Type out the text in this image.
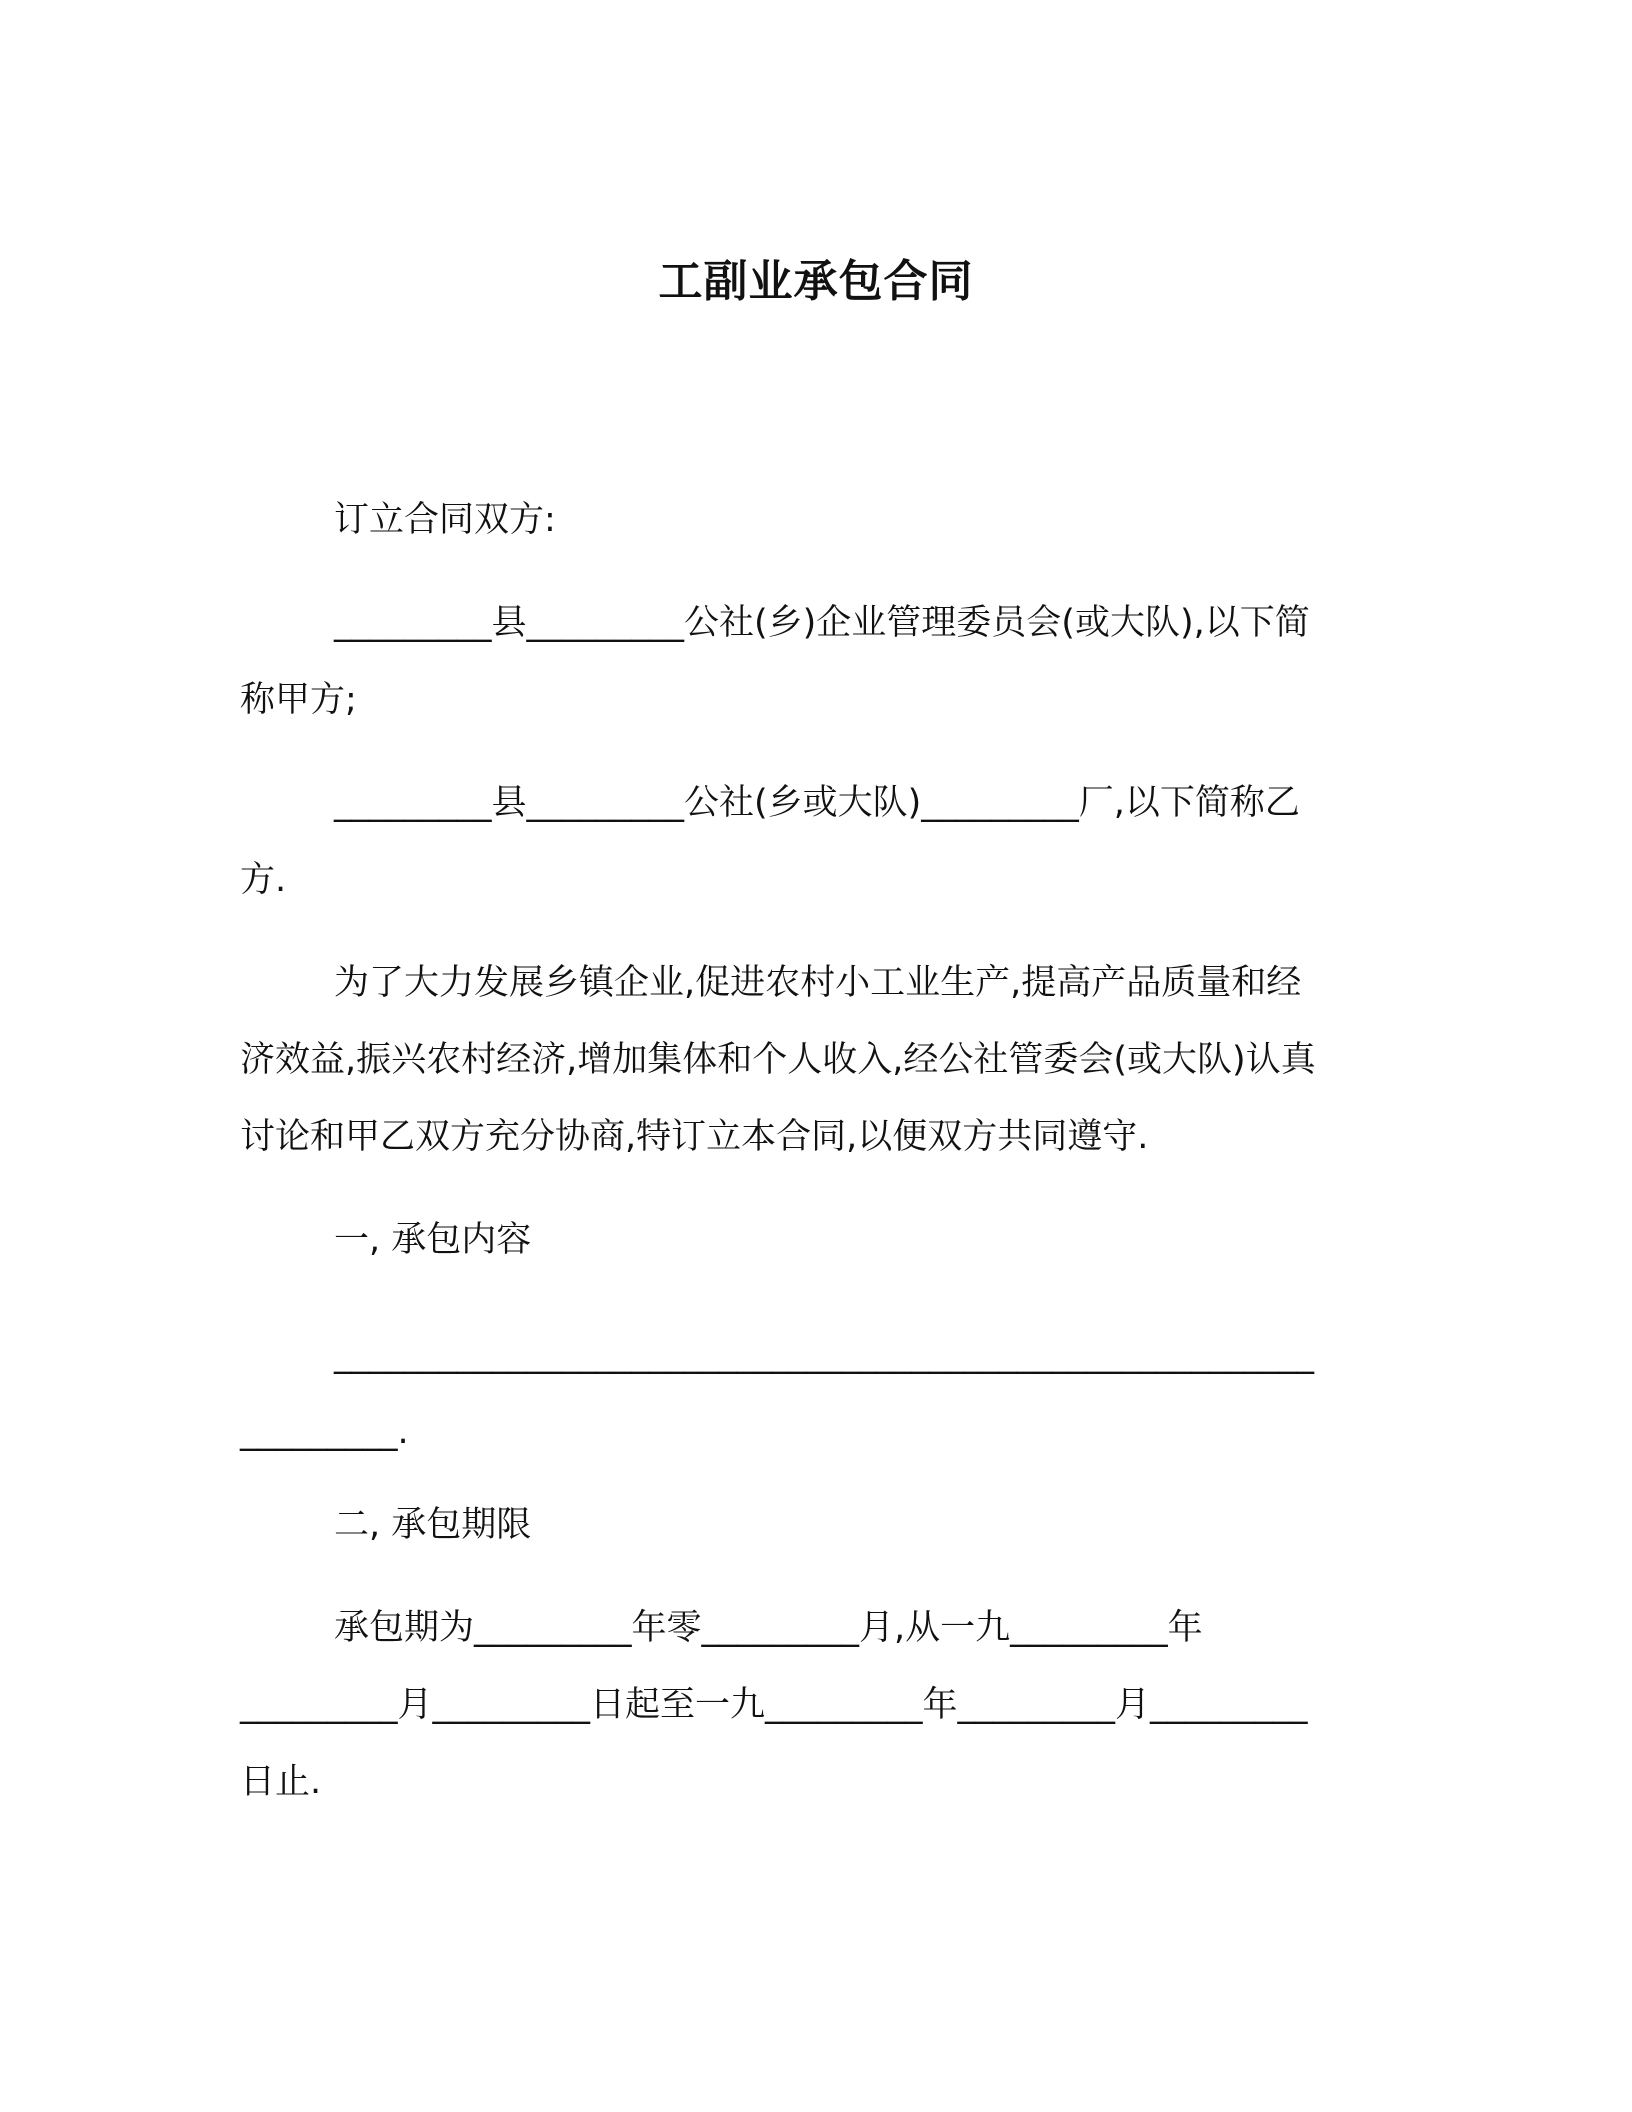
工副业承包合同

订立合同双方:

_________县_________公社(乡)企业管理委员会(或大队),以下简

称甲方;

_________县_________公社(乡或大队)_________厂,以下简称乙

方.

为了大力发展乡镇企业,促进农村小工业生产,提高产品质量和经

济效益,振兴农村经济,增加集体和个人收入,经公社管委会(或大队)认真

讨论和甲乙双方充分协商,特订立本合同,以便双方共同遵守.

一, 承包内容

________________________________________________________

_________.

二, 承包期限

承包期为_________年零_________月,从一九_________年

_________月_________日起至一九_________年_________月_________

日止.
